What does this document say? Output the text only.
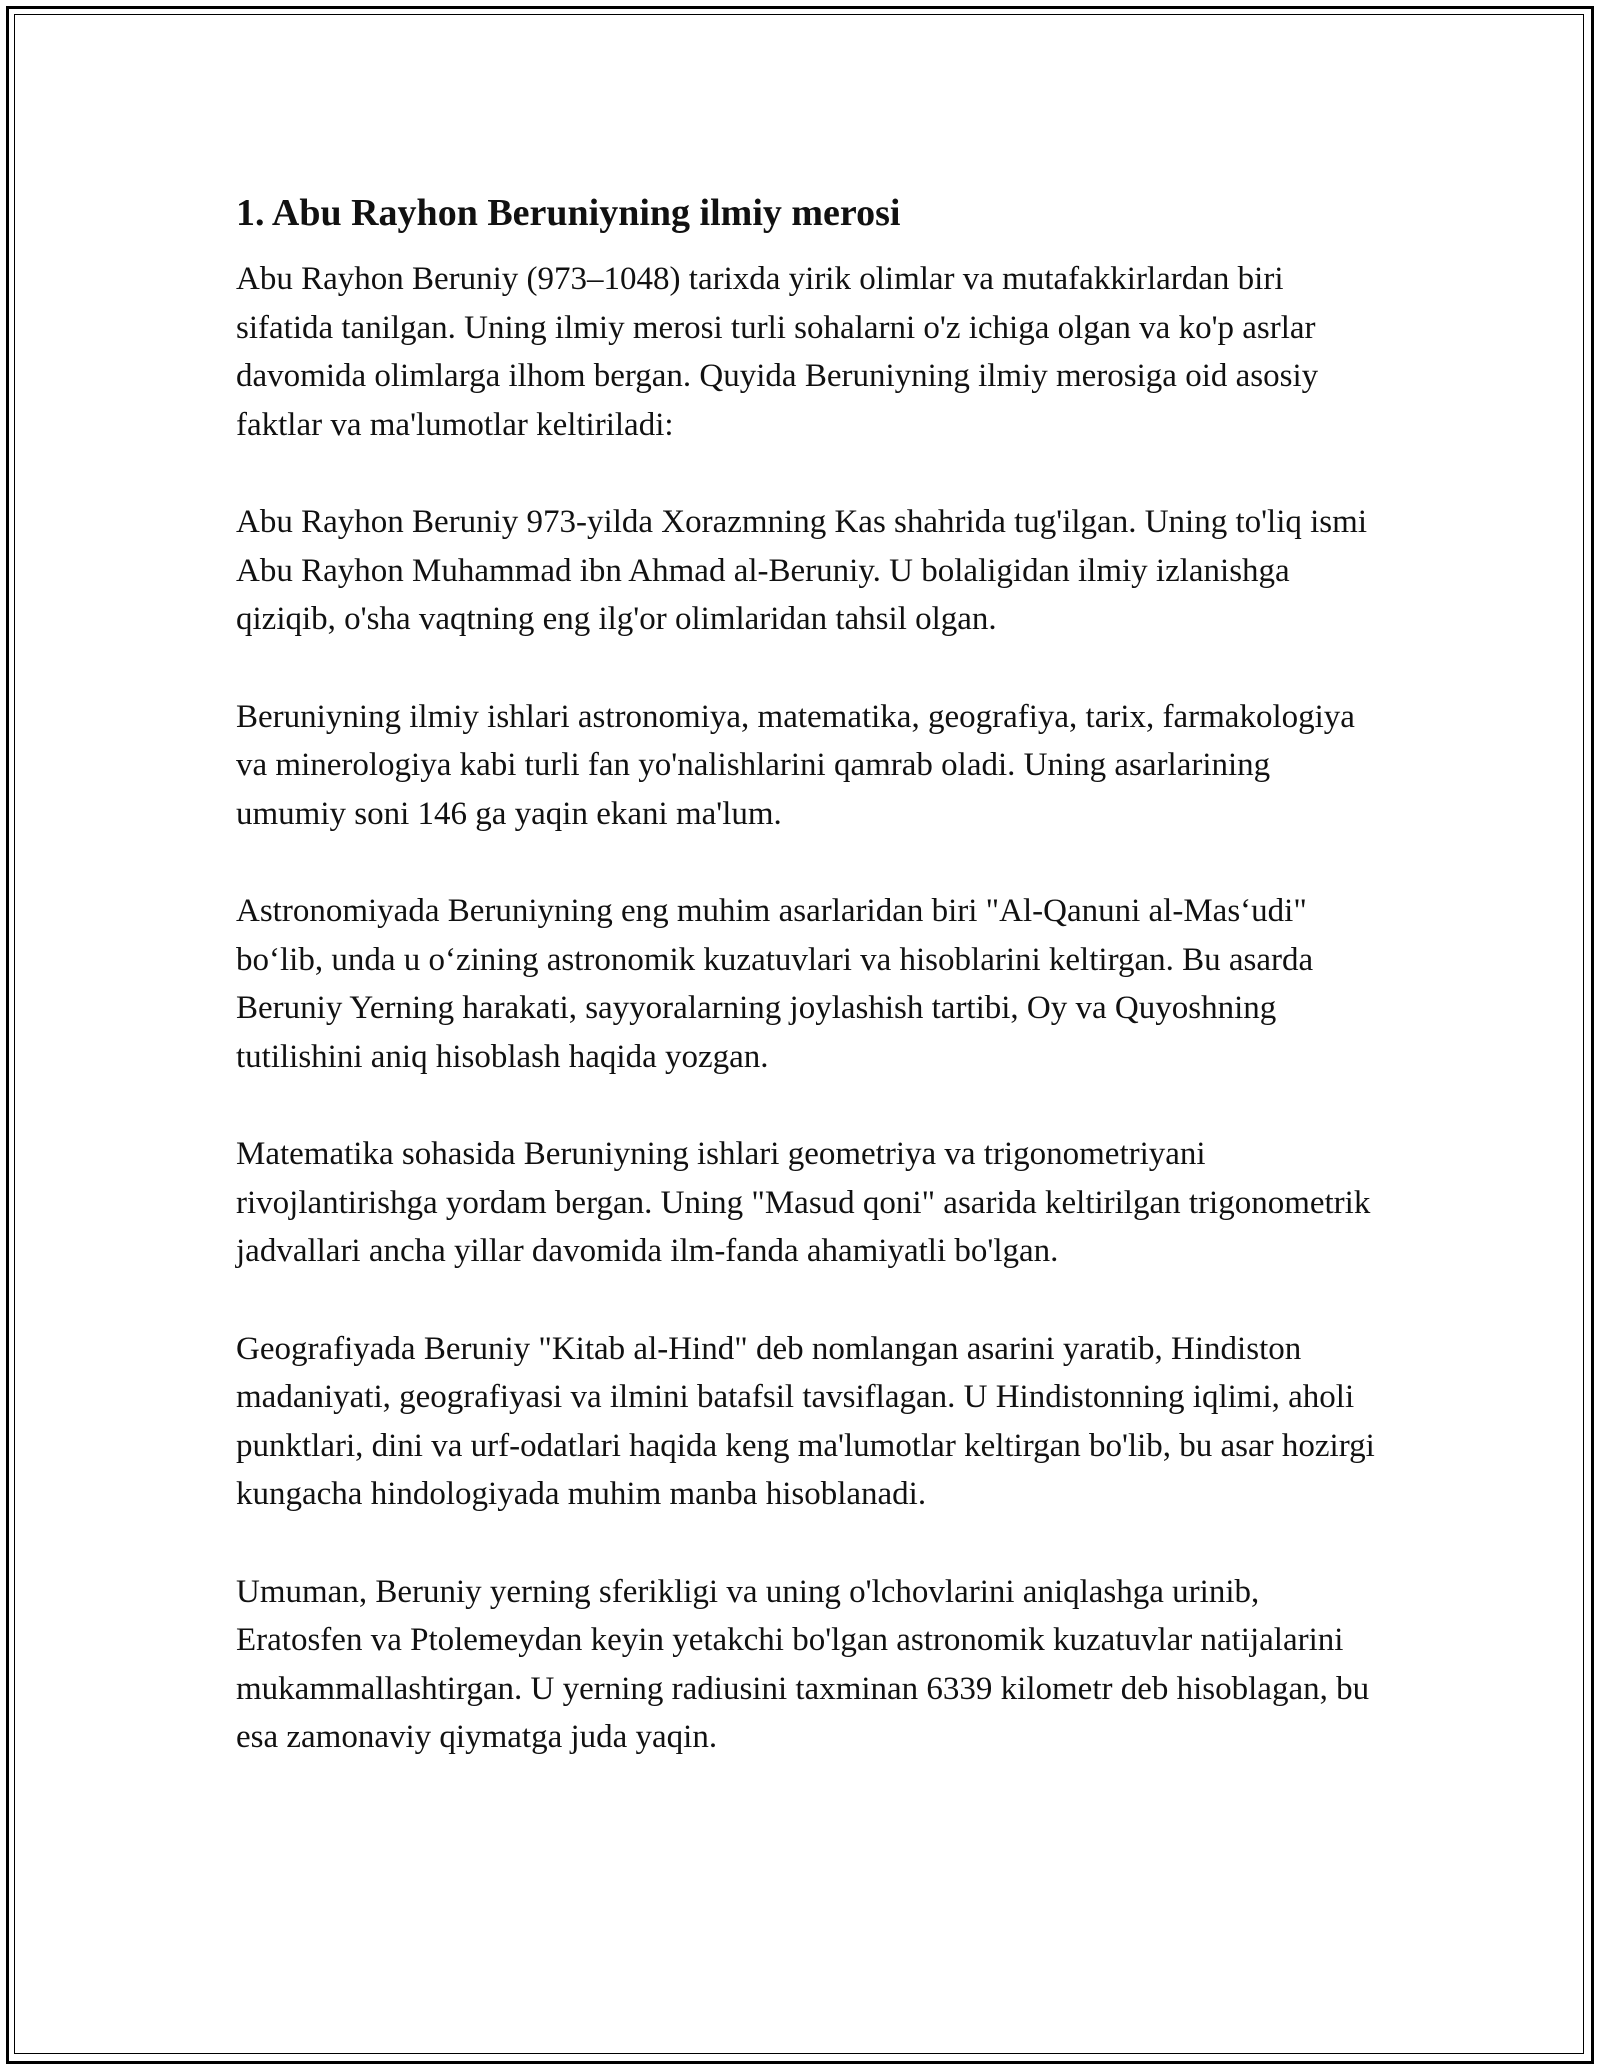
1. Abu Rayhon Beruniyning ilmiy merosi

Abu Rayhon Beruniy (973–1048) tarixda yirik olimlar va mutafakkirlardan biri sifatida tanilgan. Uning ilmiy merosi turli sohalarni o'z ichiga olgan va ko'p asrlar davomida olimlarga ilhom bergan. Quyida Beruniyning ilmiy merosiga oid asosiy faktlar va ma'lumotlar keltiriladi:

Abu Rayhon Beruniy 973-yilda Xorazmning Kas shahrida tug'ilgan. Uning to'liq ismi Abu Rayhon Muhammad ibn Ahmad al-Beruniy. U bolaligidan ilmiy izlanishga qiziqib, o'sha vaqtning eng ilg'or olimlaridan tahsil olgan.

Beruniyning ilmiy ishlari astronomiya, matematika, geografiya, tarix, farmakologiya va minerologiya kabi turli fan yo'nalishlarini qamrab oladi. Uning asarlarining umumiy soni 146 ga yaqin ekani ma'lum.

Astronomiyada Beruniyning eng muhim asarlaridan biri "Al-Qanuni al-Mas‘udi" bo‘lib, unda u o‘zining astronomik kuzatuvlari va hisoblarini keltirgan. Bu asarda Beruniy Yerning harakati, sayyoralarning joylashish tartibi, Oy va Quyoshning tutilishini aniq hisoblash haqida yozgan.

Matematika sohasida Beruniyning ishlari geometriya va trigonometriyani rivojlantirishga yordam bergan. Uning "Masud qoni" asarida keltirilgan trigonometrik jadvallari ancha yillar davomida ilm-fanda ahamiyatli bo'lgan.

Geografiyada Beruniy "Kitab al-Hind" deb nomlangan asarini yaratib, Hindiston madaniyati, geografiyasi va ilmini batafsil tavsiflagan. U Hindistonning iqlimi, aholi punktlari, dini va urf-odatlari haqida keng ma'lumotlar keltirgan bo'lib, bu asar hozirgi kungacha hindologiyada muhim manba hisoblanadi.

Umuman, Beruniy yerning sferikligi va uning o'lchovlarini aniqlashga urinib, Eratosfen va Ptolemeydan keyin yetakchi bo'lgan astronomik kuzatuvlar natijalarini mukammallashtirgan. U yerning radiusini taxminan 6339 kilometr deb hisoblagan, bu esa zamonaviy qiymatga juda yaqin.
